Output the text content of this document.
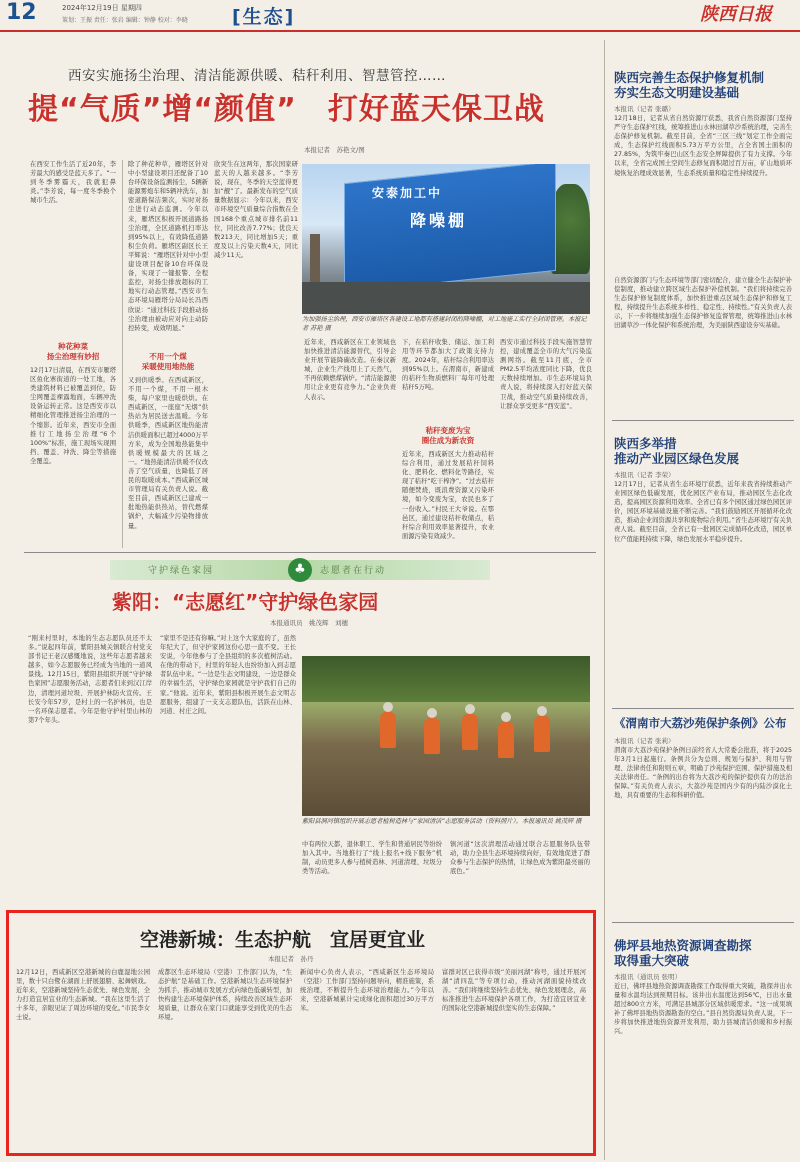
12	2024年12月19日 星期四
策划：王振 责任：张岩 编辑：钟静 校对：李晓 [生态]	陕西日报
西安实施扬尘治理、清洁能源供暖、秸秆利用、智慧管控……
提“气质”增“颜值”　打好蓝天保卫战
本报记者　苏艳文/图
在西安工作生活了近20年，李芳最大的感受是蓝天多了。“一到冬季雾霾天，我就犯鼻炎。”李芳说，每一度冬季换个城市生活。
种花种菜
扬尘治理有妙招
12月17日清晨，在西安市雁塔区鱼化寨街道的一处工地，各类建筑材料已被覆盖到位，防尘网覆盖裸露地面，车辆冲洗设备运转正常。这是西安市以精细化管理推进扬尘治理的一个缩影。近年来，西安市全面推行工地扬尘治理“6个100%”标准，施工现场实现围挡、覆盖、冲洗、降尘等措施全覆盖。
除了种花种草，雁塔区针对中小型建设项目还配备了10台环保设备监测扬尘，5辆新能源雾炮车和5辆冲洗车，加密道路保洁频次，实时对扬尘进行动态监测。今年以来，雁塔区积极开展道路扬尘治理，全区道路机扫率达到95%以上，有效降低道路积尘负荷。雁塔区副区长王平辉说：“雁塔区针对中小型建设项目配备10台环保设备，实现了一键报警、全程监控，对扬尘排放超标的工地实行动态管理。”西安市生态环境局雁塔分局局长冯西欣说：“通过科技手段推动扬尘治理由被动应对向主动防控转变，成效明显。”
不用一个煤
采暖使用地热能
又到供暖季。在西咸新区，不用一个煤，不用一根木柴，每户家里也暖烘烘。在西咸新区，一座座“无烟”供热站为居民送去温暖。今年供暖季，西咸新区地热能清洁供暖面积已超过4000万平方米，成为全国地热能集中供暖规模最大的区域之一。“地热能清洁供暖不仅改善了空气质量，也降低了居民的取暖成本。”西咸新区城市管理局有关负责人说。截至目前，西咸新区已建成一批地热能供热站，替代燃煤锅炉，大幅减少污染物排放量。
欣突生在这两年，那次国家研蓝天的人越来越多。“李芳说，现在，冬季的天空蓝得更加“靓”了。最新发布的空气质量数据显示：今年以来，西安市环境空气质量综合指数在全国168个重点城市排名前11位，同比改善7.77%；优良天数213天，同比增加5天；重度及以上污染天数4天，同比减少11天。
安泰加工中
降噪棚
为加强扬尘治理，西安市雁塔区各建设工地都有搭建封闭的降噪棚，对工地施工实行全封闭管理。本报记者 苏艳 摄
近年来，西咸新区在工业领域也加快推进清洁能源替代，引导企业开展节能降碳改造。在秦汉新城，企业生产线用上了天然气，不再依赖燃煤锅炉。“清洁能源使用让企业更有竞争力。”企业负责人表示。
下，在秸秆收集、储运、加工利用等环节都加大了政策支持力度。2024年，秸秆综合利用率达到95%以上。在渭南市，新建成的秸秆生物质燃料厂每年可处理秸秆5万吨。
秸秆变废为宝
圈住成为新农资
近年来，西咸新区大力推动秸秆综合利用，通过发展秸秆饲料化、肥料化、燃料化等路径，实现了秸秆“吃干榨净”。“过去秸秆随便焚烧，既浪费资源又污染环境，如今变废为宝，农民也多了一份收入。”村民王大爷说。在鄠邑区，通过建设秸秆收储点，秸秆综合利用效率显著提升，农业面源污染有效减少。
西安市通过科技手段实施智慧管控，建成覆盖全市的大气污染监测网络。截至11月底，全市PM2.5平均浓度同比下降，优良天数持续增加。市生态环境局负责人说，将持续深入打好蓝天保卫战，推动空气质量持续改善，让群众享受更多“西安蓝”。
守护绿色家园	♣	志愿者在行动
紫阳：“志愿红”守护绿色家园
本报通讯员　姚茂辉　刘穗
“刚来村里时，本地的生态志愿队员还不太多。”说起四年前，紫阳县城关镇联合村党支部书记王老汉感慨地说，这些年志愿者越来越多，如今志愿服务已经成为当地的一道风景线。12月15日，紫阳县组织开展“守护绿色家园”志愿服务活动，志愿者们来到汉江岸边，清理河道垃圾、开展护林防火宣传。王长安今年57岁，是村上的一名护林员，也是一名环保志愿者。今年是他守护村里山林的第7个年头。
“家里不是还有你嘛。”对上这个大家庭的了，虽然年纪大了，但守护家园这份心思一直不变。王长安说，今年他参与了全县组织的多次植树活动。在他的带动下，村里的年轻人也纷纷加入到志愿者队伍中来。“一边是生态文明建设，一边是群众的幸福生活，守护绿色家园就是守护我们自己的家。”他说。近年来，紫阳县积极开展生态文明志愿服务，组建了一支支志愿队伍，活跃在山林、河道、村庄之间。
紫阳县洞河镇组织开展志愿者植树造林与“家园清洁”志愿服务活动（资料照片）。本报通讯员 姚茂辉 摄
中有两位天都，退休职工、学生和普通居民等纷纷加入其中。当地推行了“线上报名+线下服务”机制，动员更多人参与植树造林、河道清理、垃圾分类等活动。
镇河道“这次清理活动通过联合志愿服务队伍带动，助力全县生态环境持续向好，有效地促进了群众参与生态保护的热情，让绿色成为紫阳最亮丽的底色。”
空港新城：生态护航　宜居更宜业
本报记者　孙丹
12月12日，西咸新区空港新城的白鹿湿地公园里，数十只白鹭在湖面上舒展翅膀、起舞嬉戏。近年来，空港新城坚持生态优先、绿色发展，全力打造宜居宜业的生态新城。“我在这里生活了十多年，亲眼见证了周边环境的变化。”市民李女士说。
成都区生态环境局（空港）工作部门认为，“生态护航”是基础工作。空港新城以生态环境保护为抓手，推动城市发展方式向绿色低碳转型，加快构建生态环境保护体系，持续改善区域生态环境质量，让群众在家门口就能享受到优美的生态环境。
新闻中心负责人表示，“西咸新区生态环境局（空港）工作部门坚持问题导向，精准施策，系统治理，不断提升生态环境治理能力。”今年以来，空港新城累计完成绿化面积超过30万平方米。
富群对区已获得市级“美丽河湖”称号，通过开展河湖“清四乱”等专项行动，推动河湖面貌持续改善。“我们将继续坚持生态优先、绿色发展理念，高标准推进生态环境保护各项工作，为打造宜居宜业的国际化空港新城提供坚实的生态保障。”
陕西完善生态保护修复机制
夯实生态文明建设基础
本报讯（记者 张璐）
12月18日，记者从省自然资源厅获悉，我省自然资源部门坚持严守生态保护红线，统筹推进山水林田湖草沙系统治理，完善生态保护修复机制。截至目前，全省“三区三线”划定工作全面完成，生态保护红线面积5.73万平方公里，占全省国土面积的27.85%，为筑牢秦巴山区生态安全屏障提供了有力支撑。今年以来，全省完成国土空间生态修复面积超过百万亩，矿山地质环境恢复治理成效显著，生态系统质量和稳定性持续提升。
自然资源部门与生态环境等部门密切配合，建立健全生态保护补偿制度，推动建立跨区域生态保护补偿机制。“我们将持续完善生态保护修复制度体系，加快推进重点区域生态保护和修复工程，持续提升生态系统多样性、稳定性、持续性。”有关负责人表示，下一步将继续加强生态保护修复监督管理，统筹推进山水林田湖草沙一体化保护和系统治理，为美丽陕西建设夯实基础。
陕西多举措
推动产业园区绿色发展
本报讯（记者 李荣）
12月17日，记者从省生态环境厅获悉，近年来我省持续推动产业园区绿色低碳发展，优化园区产业布局，推动园区生态化改造，提高园区资源利用效率。全省已有多个园区通过绿色园区评价，园区环境基础设施不断完善。“我们鼓励园区开展循环化改造，推动企业间资源共享和废物综合利用。”省生态环境厅有关负责人说。截至目前，全省已有一批园区完成循环化改造，园区单位产值能耗持续下降，绿色发展水平稳步提升。
《渭南市大荔沙苑保护条例》公布
本报讯（记者 张莉）
渭南市大荔沙苑保护条例日前经省人大常委会批准，将于2025年3月1日起施行。条例共分为总则、规划与保护、利用与管理、法律责任和附则五章，明确了沙苑保护范围、保护措施及相关法律责任。“条例的出台将为大荔沙苑的保护提供有力的法治保障。”有关负责人表示，大荔沙苑是国内少有的内陆沙漠化土地，具有重要的生态和科研价值。
佛坪县地热资源调查勘探
取得重大突破
本报讯（通讯员 张明）
近日，佛坪县地热资源调查勘探工作取得重大突破，勘探井出水量和水温均达到预期目标。该井出水温度达到56℃，日出水量超过800立方米，可满足县城部分区域供暖需求。“这一成果填补了佛坪县地热资源勘查的空白。”县自然资源局负责人说，下一步将加快推进地热资源开发利用，助力县城清洁供暖和乡村振兴。
